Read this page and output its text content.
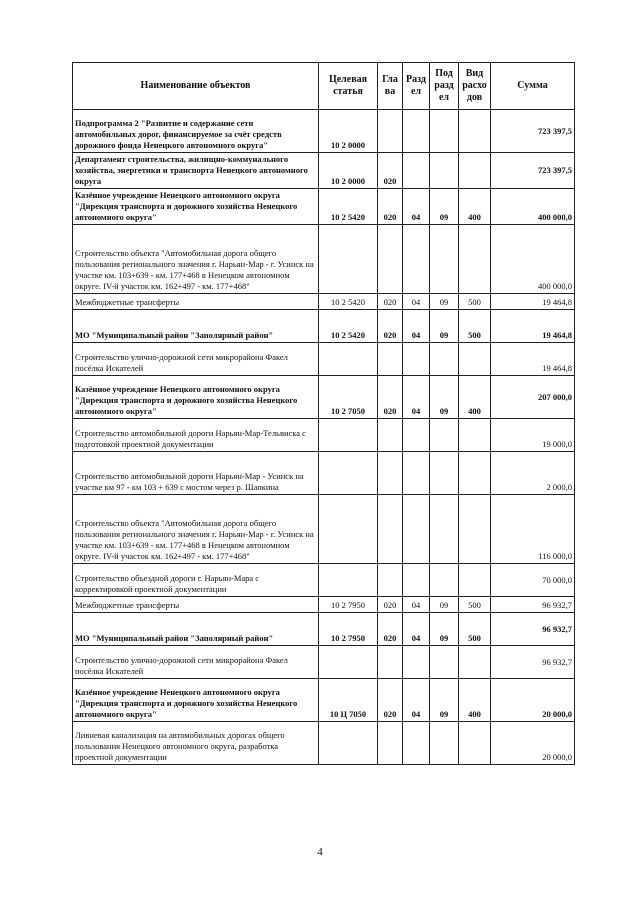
Наименование объектов	Целевая статья	Гла ва	Разд ел	Под разд ел	Вид расхо дов	Сумма
Подпрограмма 2 "Развитие и содержание сети автомобильных дорог, финансируемое за счёт средств дорожного фонда Ненецкого автономного округа"	10 2 0000					723 397,5
Департамент строительства, жилищно-коммунального хозяйства, энергетики и транспорта Ненецкого автономного округа	10 2 0000	020				723 397,5
Казённое учреждение Ненецкого автономного округа "Дирекция транспорта и дорожного хозяйства Ненецкого автономного округа"	10 2 5420	020	04	09	400	400 000,0
Строительство объекта "Автомобильная дорога общего пользования регионального значения г. Нарьян-Мар - г. Усинск на участке км. 103+639 - км. 177+468 в Ненецком автономном округе. IV-й участок км. 162+497 - км. 177+468"						400 000,0
Межбюджетные трансферты	10 2 5420	020	04	09	500	19 464,8
МО "Муниципальный район "Заполярный район"	10 2 5420	020	04	09	500	19 464,8
Строительство улично-дорожной сети микрорайона Факел посёлка Искателей						19 464,8
Казённое учреждение Ненецкого автономного округа "Дирекция транспорта и дорожного хозяйства Ненецкого автономного округа"	10 2 7050	020	04	09	400	207 000,0
Строительство автомобильной дороги Нарьян-Мар-Тельвиска с подготовкой проектной документации						19 000,0
Строительство автомобильной дороги Нарьян-Мар - Усинск на участке км 97 - км 103 + 639 с мостом через р. Шапкина						2 000,0
Строительство объекта "Автомобильная дорога общего пользования регионального значения г. Нарьян-Мар - г. Усинск на участке км. 103+639 - км. 177+468 в Ненецком автономном округе. IV-й участок км. 162+497 - км. 177+468"						116 000,0
Строительство объездной дороги г. Нарьян-Мара с корректировкой проектной документации						70 000,0
Межбюджетные трансферты	10 2 7950	020	04	09	500	96 932,7
МО "Муниципальный район "Заполярный район"	10 2 7950	020	04	09	500	96 932,7
Строительство улично-дорожной сети микрорайона Факел посёлка Искателей						96 932,7
Казённое учреждение Ненецкого автономного округа "Дирекция транспорта и дорожного хозяйства Ненецкого автономного округа"	10 Ц 7050	020	04	09	400	20 000,0
Ливневая канализация на автомобильных дорогах общего пользования Ненецкого автономного округа, разработка проектной документации						20 000,0
4
